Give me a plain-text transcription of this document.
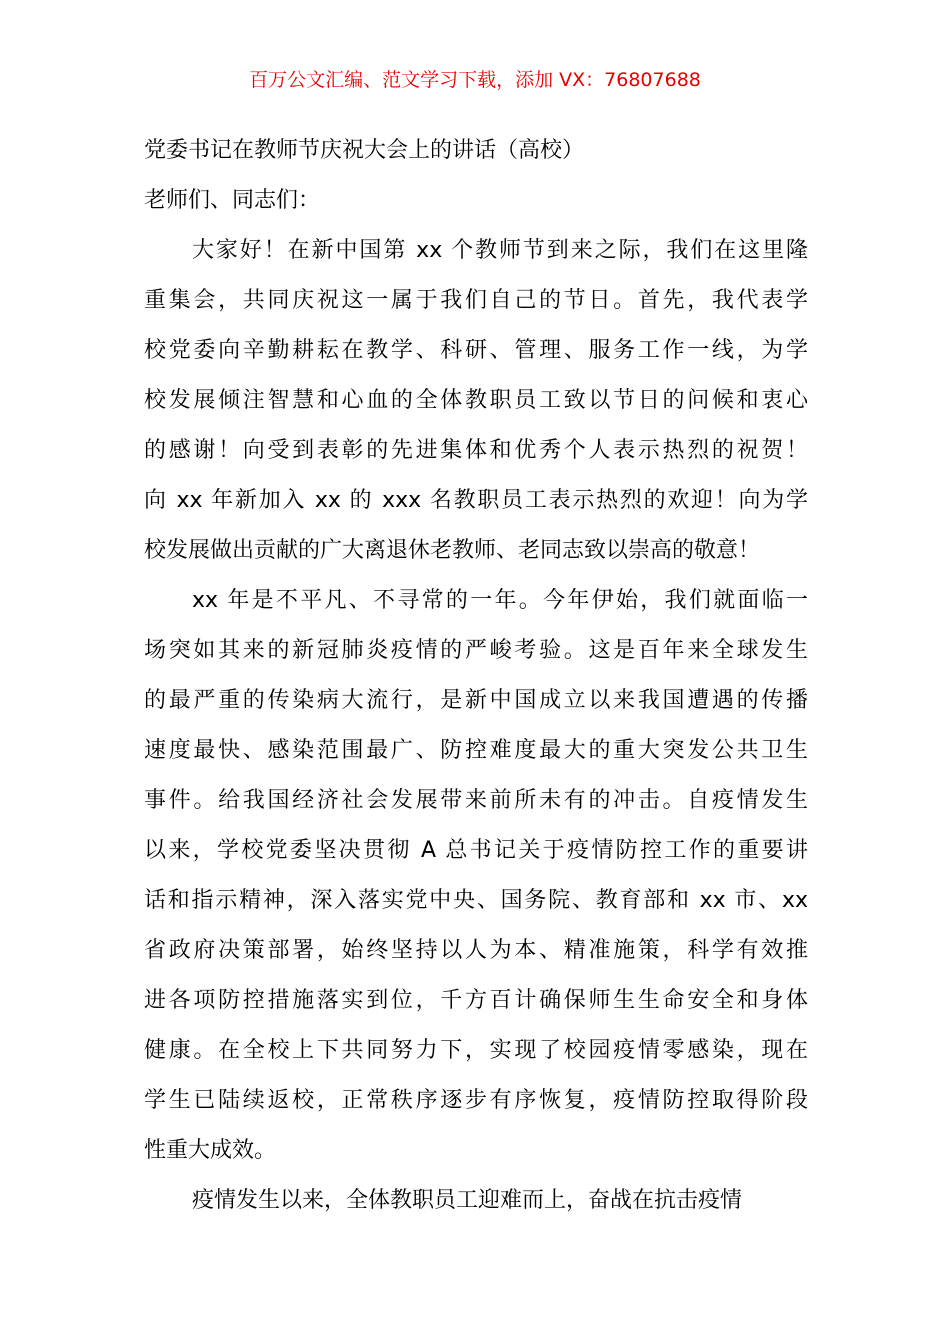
百万公文汇编、范文学习下载，添加 VX：76807688
党委书记在教师节庆祝大会上的讲话（高校）
老师们、同志们：
大家好！在新中国第 xx 个教师节到来之际，我们在这里隆
重集会，共同庆祝这一属于我们自己的节日。首先，我代表学
校党委向辛勤耕耘在教学、科研、管理、服务工作一线，为学
校发展倾注智慧和心血的全体教职员工致以节日的问候和衷心
的感谢！向受到表彰的先进集体和优秀个人表示热烈的祝贺！
向 xx 年新加入 xx 的 xxx 名教职员工表示热烈的欢迎！向为学
校发展做出贡献的广大离退休老教师、老同志致以崇高的敬意！
xx 年是不平凡、不寻常的一年。今年伊始，我们就面临一
场突如其来的新冠肺炎疫情的严峻考验。这是百年来全球发生
的最严重的传染病大流行，是新中国成立以来我国遭遇的传播
速度最快、感染范围最广、防控难度最大的重大突发公共卫生
事件。给我国经济社会发展带来前所未有的冲击。自疫情发生
以来，学校党委坚决贯彻 A 总书记关于疫情防控工作的重要讲
话和指示精神，深入落实党中央、国务院、教育部和 xx 市、xx
省政府决策部署，始终坚持以人为本、精准施策，科学有效推
进各项防控措施落实到位，千方百计确保师生生命安全和身体
健康。在全校上下共同努力下，实现了校园疫情零感染，现在
学生已陆续返校，正常秩序逐步有序恢复，疫情防控取得阶段
性重大成效。
疫情发生以来，全体教职员工迎难而上，奋战在抗击疫情
